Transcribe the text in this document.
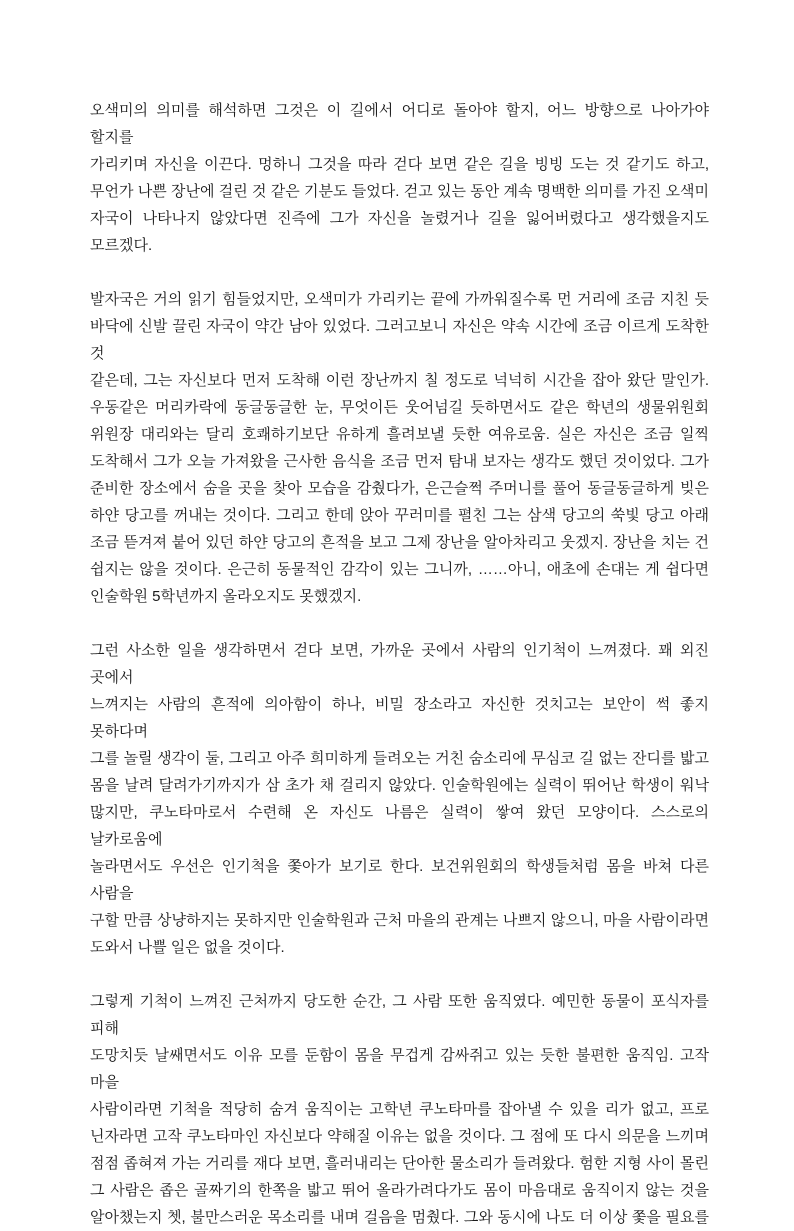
오색미의 의미를 해석하면 그것은 이 길에서 어디로 돌아야 할지, 어느 방향으로 나아가야 할지를
가리키며 자신을 이끈다. 멍하니 그것을 따라 걷다 보면 같은 길을 빙빙 도는 것 같기도 하고,
무언가 나쁜 장난에 걸린 것 같은 기분도 들었다. 걷고 있는 동안 계속 명백한 의미를 가진 오색미
자국이 나타나지 않았다면 진즉에 그가 자신을 놀렸거나 길을 잃어버렸다고 생각했을지도
모르겠다.
발자국은 거의 읽기 힘들었지만, 오색미가 가리키는 끝에 가까워질수록 먼 거리에 조금 지친 듯
바닥에 신발 끌린 자국이 약간 남아 있었다. 그러고보니 자신은 약속 시간에 조금 이르게 도착한 것
같은데, 그는 자신보다 먼저 도착해 이런 장난까지 칠 정도로 넉넉히 시간을 잡아 왔단 말인가.
우동같은 머리카락에 동글동글한 눈, 무엇이든 웃어넘길 듯하면서도 같은 학년의 생물위원회
위원장 대리와는 달리 호쾌하기보단 유하게 흘려보낼 듯한 여유로움. 실은 자신은 조금 일찍
도착해서 그가 오늘 가져왔을 근사한 음식을 조금 먼저 탐내 보자는 생각도 했던 것이었다. 그가
준비한 장소에서 숨을 곳을 찾아 모습을 감췄다가, 은근슬쩍 주머니를 풀어 동글동글하게 빚은
하얀 당고를 꺼내는 것이다. 그리고 한데 앉아 꾸러미를 펼친 그는 삼색 당고의 쑥빛 당고 아래
조금 뜯겨져 붙어 있던 하얀 당고의 흔적을 보고 그제 장난을 알아차리고 웃겠지. 장난을 치는 건
쉽지는 않을 것이다. 은근히 동물적인 감각이 있는 그니까, ……아니, 애초에 손대는 게 쉽다면
인술학원 5학년까지 올라오지도 못했겠지.
그런 사소한 일을 생각하면서 걷다 보면, 가까운 곳에서 사람의 인기척이 느껴졌다. 꽤 외진 곳에서
느껴지는 사람의 흔적에 의아함이 하나, 비밀 장소라고 자신한 것치고는 보안이 썩 좋지 못하다며
그를 놀릴 생각이 둘, 그리고 아주 희미하게 들려오는 거친 숨소리에 무심코 길 없는 잔디를 밟고
몸을 날려 달려가기까지가 삼 초가 채 걸리지 않았다. 인술학원에는 실력이 뛰어난 학생이 워낙
많지만, 쿠노타마로서 수련해 온 자신도 나름은 실력이 쌓여 왔던 모양이다. 스스로의 날카로움에
놀라면서도 우선은 인기척을 쫓아가 보기로 한다. 보건위원회의 학생들처럼 몸을 바쳐 다른 사람을
구할 만큼 상냥하지는 못하지만 인술학원과 근처 마을의 관계는 나쁘지 않으니, 마을 사람이라면
도와서 나쁠 일은 없을 것이다.
그렇게 기척이 느껴진 근처까지 당도한 순간, 그 사람 또한 움직였다. 예민한 동물이 포식자를 피해
도망치듯 날쌔면서도 이유 모를 둔함이 몸을 무겁게 감싸쥐고 있는 듯한 불편한 움직임. 고작 마을
사람이라면 기척을 적당히 숨겨 움직이는 고학년 쿠노타마를 잡아낼 수 있을 리가 없고, 프로
닌자라면 고작 쿠노타마인 자신보다 약해질 이유는 없을 것이다. 그 점에 또 다시 의문을 느끼며
점점 좁혀져 가는 거리를 재다 보면, 흘러내리는 단아한 물소리가 들려왔다. 험한 지형 사이 몰린
그 사람은 좁은 골짜기의 한쪽을 밟고 뛰어 올라가려다가도 몸이 마음대로 움직이지 않는 것을
알아챘는지 쳇, 불만스러운 목소리를 내며 걸음을 멈췄다. 그와 동시에 나도 더 이상 쫓을 필요를
